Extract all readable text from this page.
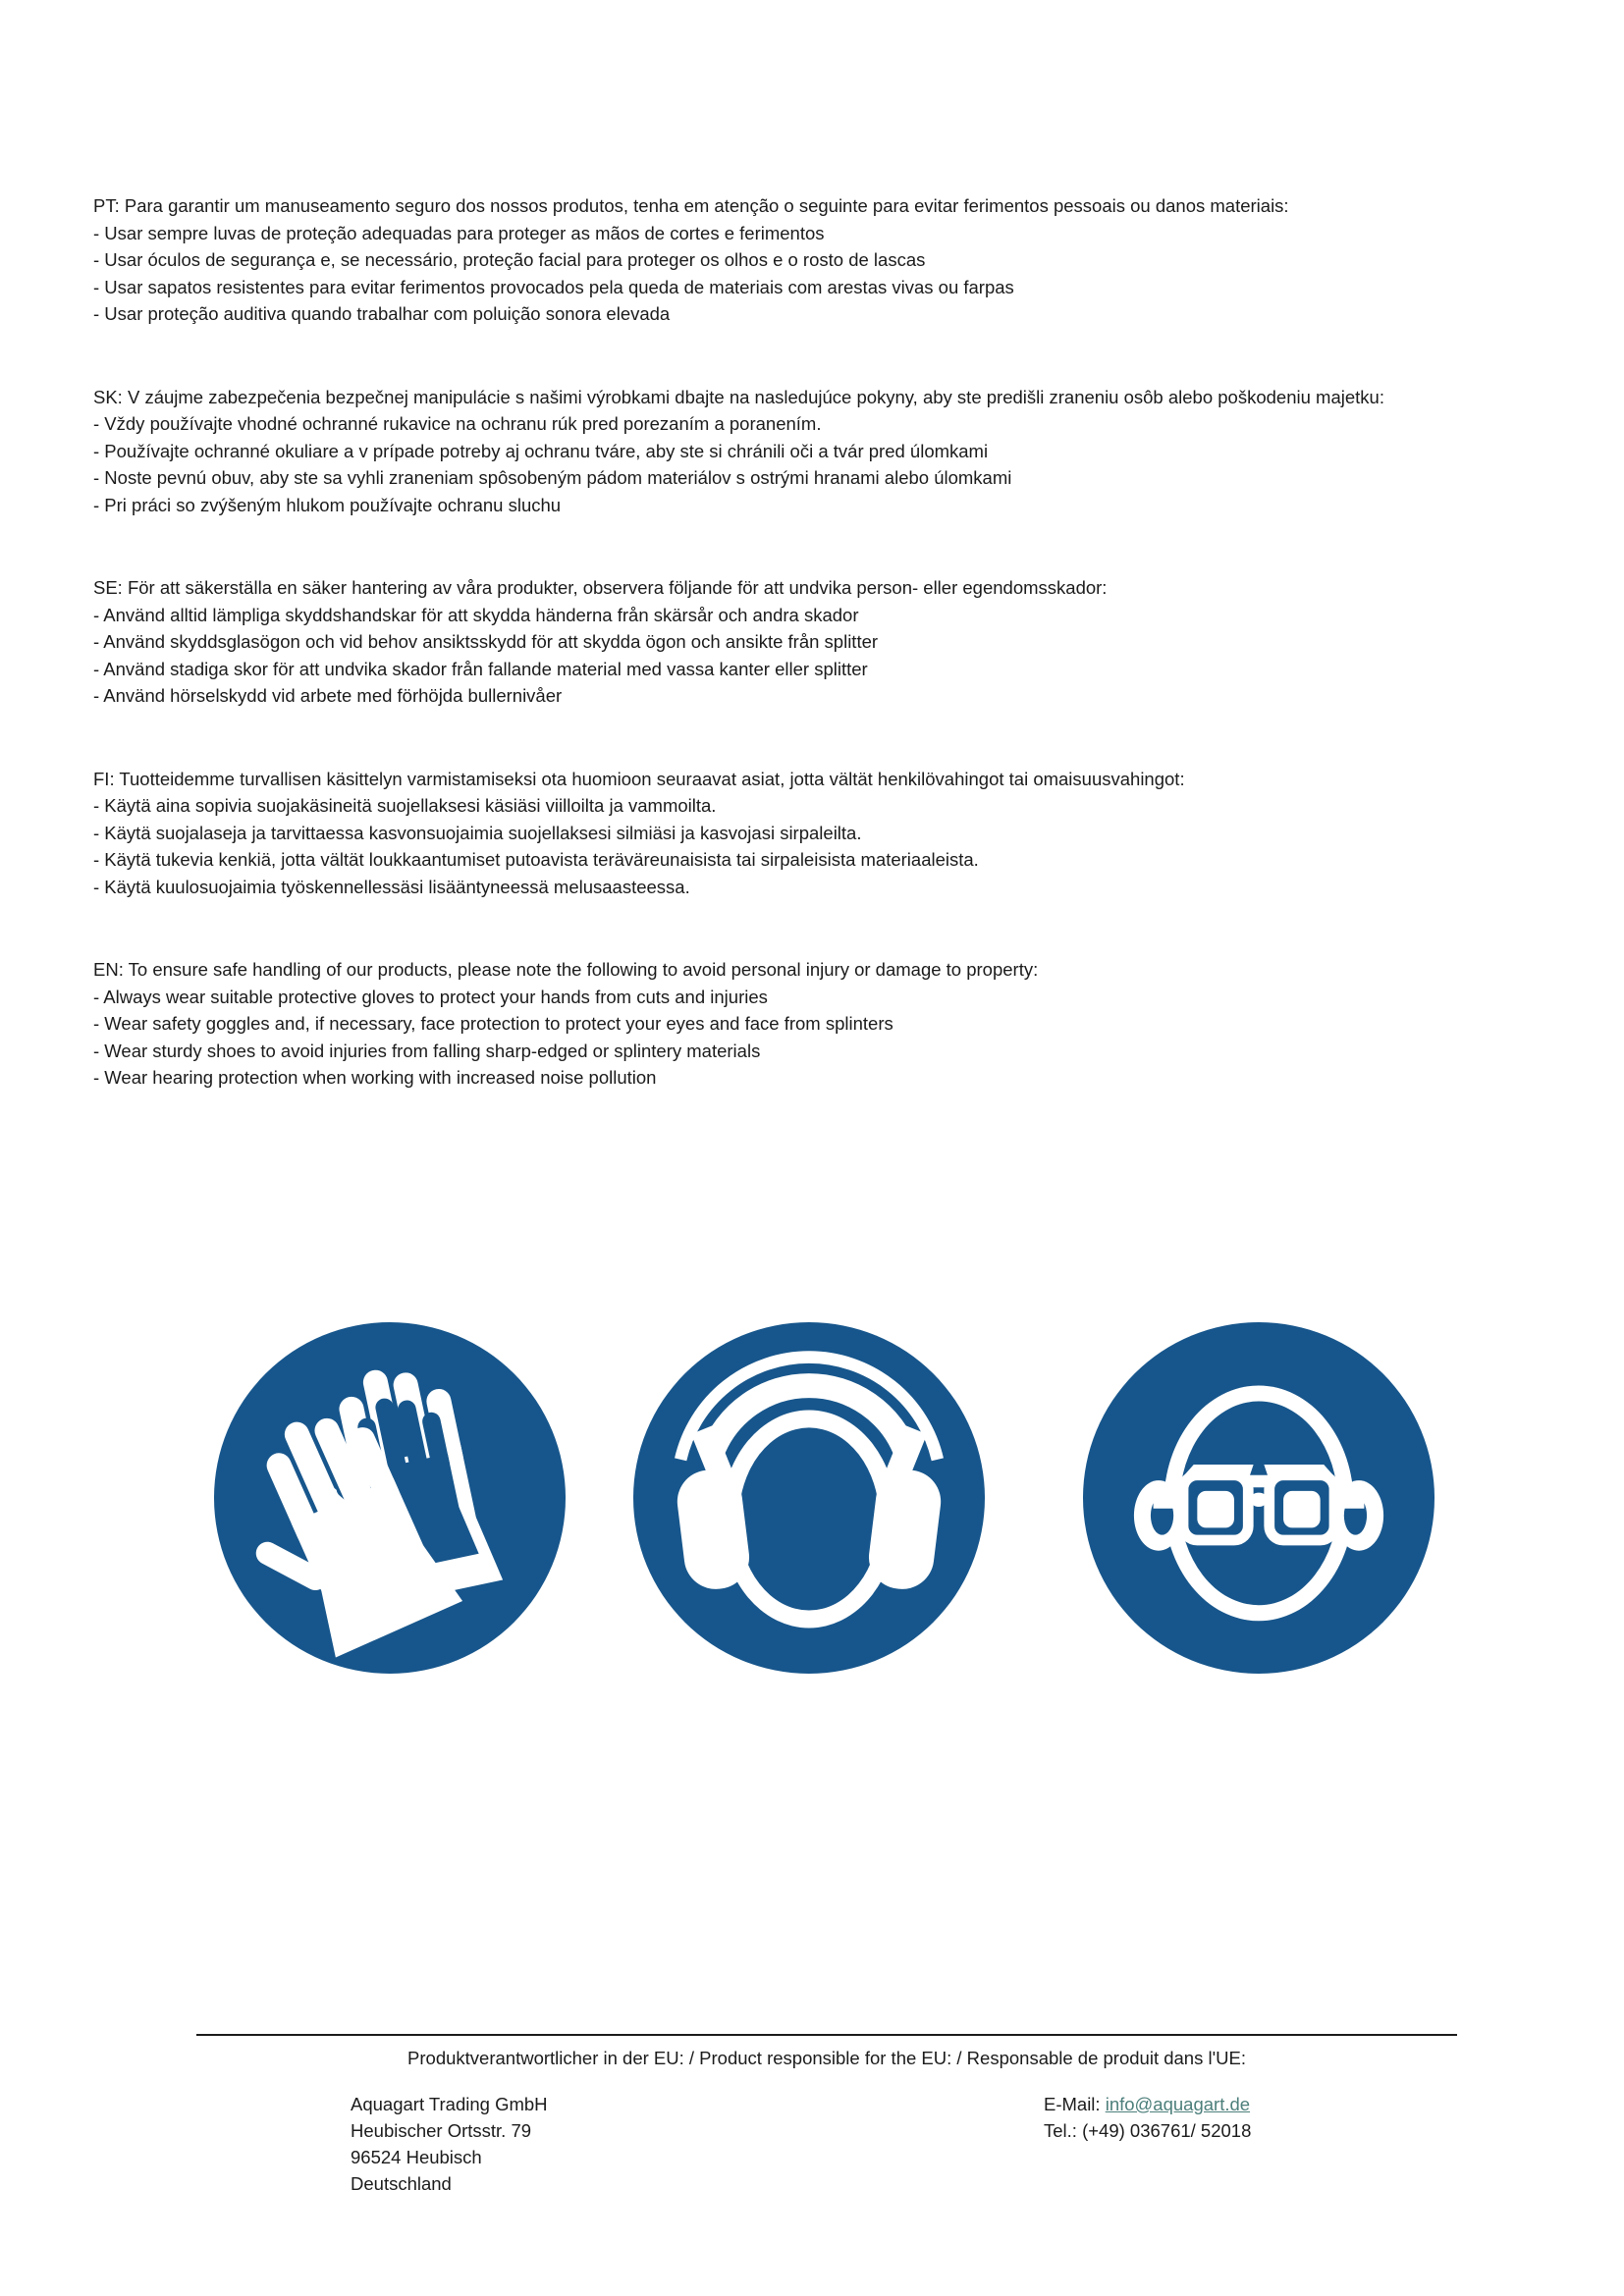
PT: Para garantir um manuseamento seguro dos nossos produtos, tenha em atenção o seguinte para evitar ferimentos pessoais ou danos materiais:
- Usar sempre luvas de proteção adequadas para proteger as mãos de cortes e ferimentos
- Usar óculos de segurança e, se necessário, proteção facial para proteger os olhos e o rosto de lascas
- Usar sapatos resistentes para evitar ferimentos provocados pela queda de materiais com arestas vivas ou farpas
- Usar proteção auditiva quando trabalhar com poluição sonora elevada
SK: V záujme zabezpečenia bezpečnej manipulácie s našimi výrobkami dbajte na nasledujúce pokyny, aby ste predišli zraneniu osôb alebo poškodeniu majetku:
- Vždy používajte vhodné ochranné rukavice na ochranu rúk pred porezaním a poranením.
- Používajte ochranné okuliare a v prípade potreby aj ochranu tváre, aby ste si chránili oči a tvár pred úlomkami
- Noste pevnú obuv, aby ste sa vyhli zraneniam spôsobeným pádom materiálov s ostrými hranami alebo úlomkami
- Pri práci so zvýšeným hlukom používajte ochranu sluchu
SE: För att säkerställa en säker hantering av våra produkter, observera följande för att undvika person- eller egendomsskador:
- Använd alltid lämpliga skyddshandskar för att skydda händerna från skärsår och andra skador
- Använd skyddsglasögon och vid behov ansiktsskydd för att skydda ögon och ansikte från splitter
- Använd stadiga skor för att undvika skador från fallande material med vassa kanter eller splitter
- Använd hörselskydd vid arbete med förhöjda bullernivåer
FI: Tuotteidemme turvallisen käsittelyn varmistamiseksi ota huomioon seuraavat asiat, jotta vältät henkilövahingot tai omaisuusvahingot:
- Käytä aina sopivia suojakäsineitä suojellaksesi käsiäsi viilloilta ja vammoilta.
- Käytä suojalaseja ja tarvittaessa kasvonsuojaimia suojellaksesi silmiäsi ja kasvojasi sirpaleilta.
- Käytä tukevia kenkiä, jotta vältät loukkaantumiset putoavista teräväreunaisista tai sirpaleisista materiaaleista.
- Käytä kuulosuojaimia työskennellessäsi lisääntyneessä melusaasteessa.
EN: To ensure safe handling of our products, please note the following to avoid personal injury or damage to property:
- Always wear suitable protective gloves to protect your hands from cuts and injuries
- Wear safety goggles and, if necessary, face protection to protect your eyes and face from splinters
- Wear sturdy shoes to avoid injuries from falling sharp-edged or splintery materials
- Wear hearing protection when working with increased noise pollution
Produktverantwortlicher in der EU: / Product responsible for the EU: / Responsable de produit dans l'UE:
Aquagart Trading GmbH
Heubischer Ortsstr. 79
96524 Heubisch
Deutschland
E-Mail: info@aquagart.de
Tel.: (+49) 036761/ 52018
